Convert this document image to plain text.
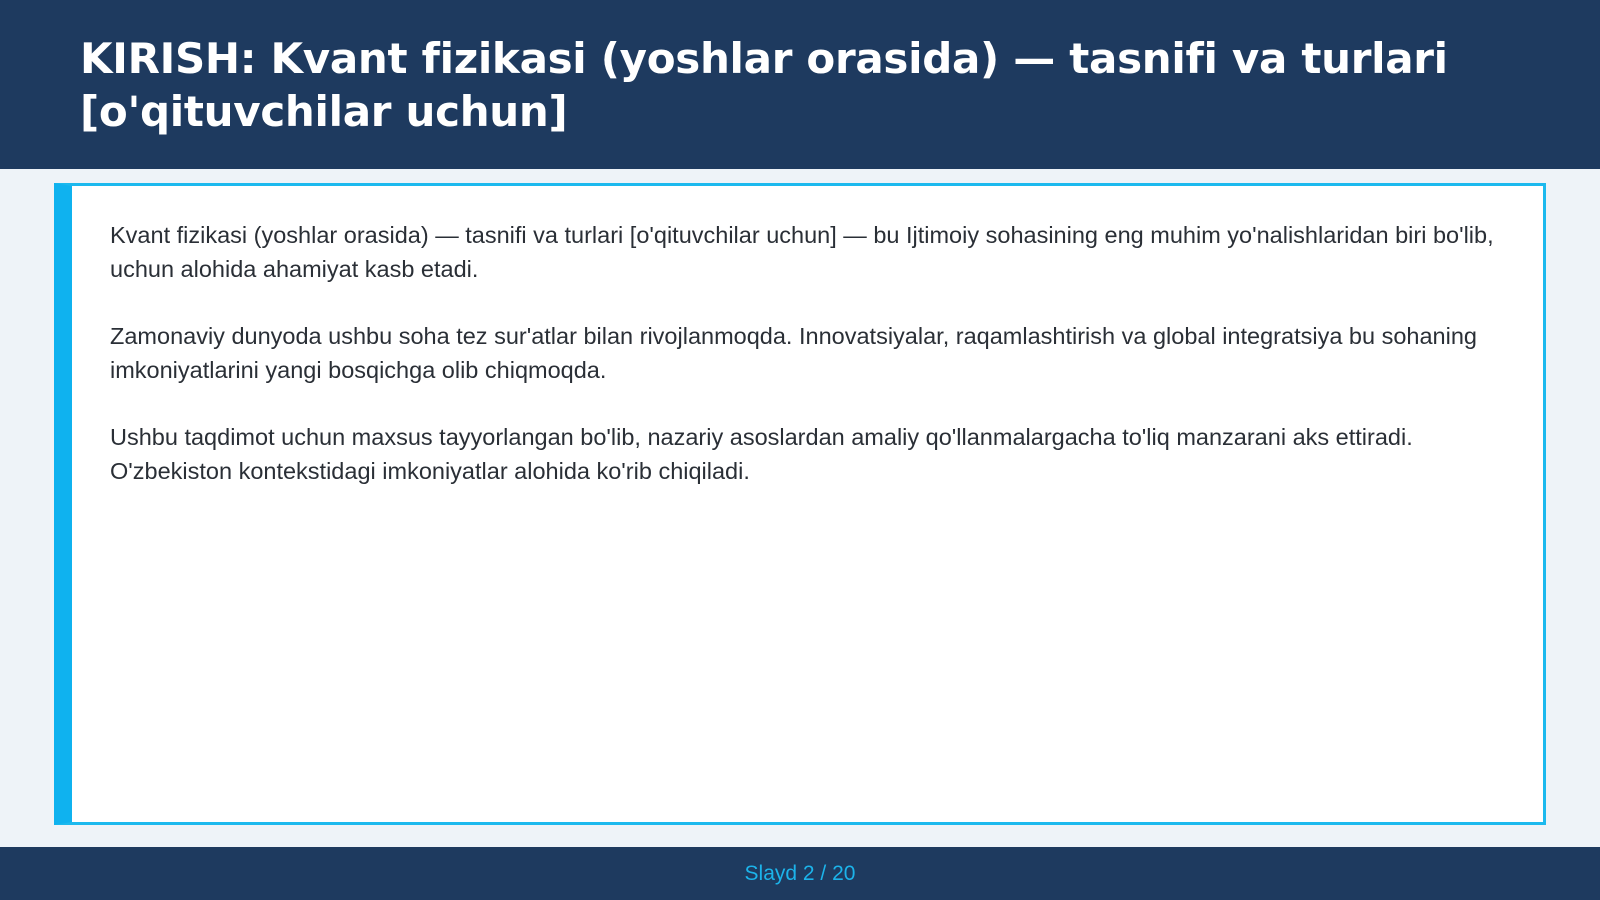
KIRISH: Kvant fizikasi (yoshlar orasida) — tasnifi va turlari [o'qituvchilar uchun]

Kvant fizikasi (yoshlar orasida) — tasnifi va turlari [o'qituvchilar uchun] — bu Ijtimoiy sohasining eng muhim yo'nalishlaridan biri bo'lib, uchun alohida ahamiyat kasb etadi.

Zamonaviy dunyoda ushbu soha tez sur'atlar bilan rivojlanmoqda. Innovatsiyalar, raqamlashtirish va global integratsiya bu sohaning imkoniyatlarini yangi bosqichga olib chiqmoqda.

Ushbu taqdimot uchun maxsus tayyorlangan bo'lib, nazariy asoslardan amaliy qo'llanmalargacha to'liq manzarani aks ettiradi. O'zbekiston kontekstidagi imkoniyatlar alohida ko'rib chiqiladi.

Slayd 2 / 20
